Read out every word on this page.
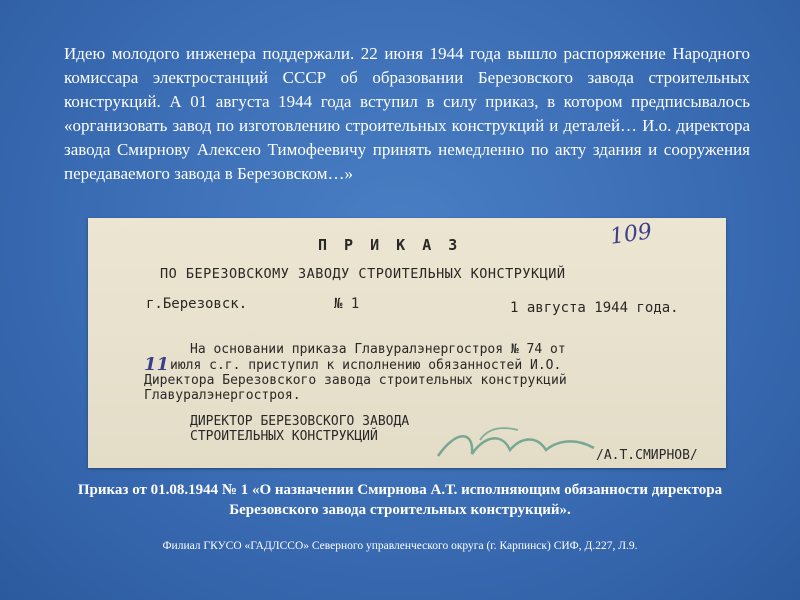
Идею молодого инженера поддержали. 22 июня 1944 года вышло распоряжение Народного комиссара электростанций СССР об образовании Березовского завода строительных конструкций. А 01 августа 1944 года вступил в силу приказ, в котором предписывалось «организовать завод по изготовлению строительных конструкций и деталей… И.о. директора завода Смирнову Алексею Тимофеевичу принять немедленно по акту здания и сооружения передаваемого завода в Березовском…»

109

П Р И К А З

ПО БЕРЕЗОВСКОМУ ЗАВОДУ СТРОИТЕЛЬНЫХ КОНСТРУКЦИЙ

г.Березовск.	№ 1	1 августа 1944 года.

На основании приказа Главуралэнергостроя № 74 от

11 июля с.г. приступил к исполнению обязанностей И.О.

Директора Березовского завода строительных конструкций

Главуралэнергостроя.

ДИРЕКТОР БЕРЕЗОВСКОГО ЗАВОДА

СТРОИТЕЛЬНЫХ КОНСТРУКЦИЙ

/А.Т.СМИРНОВ/

Приказ от 01.08.1944 № 1 «О назначении Смирнова А.Т. исполняющим обязанности директора Березовского завода строительных конструкций».

Филиал ГКУСО «ГАДЛССО» Северного управленческого округа (г. Карпинск) СИФ, Д.227, Л.9.
